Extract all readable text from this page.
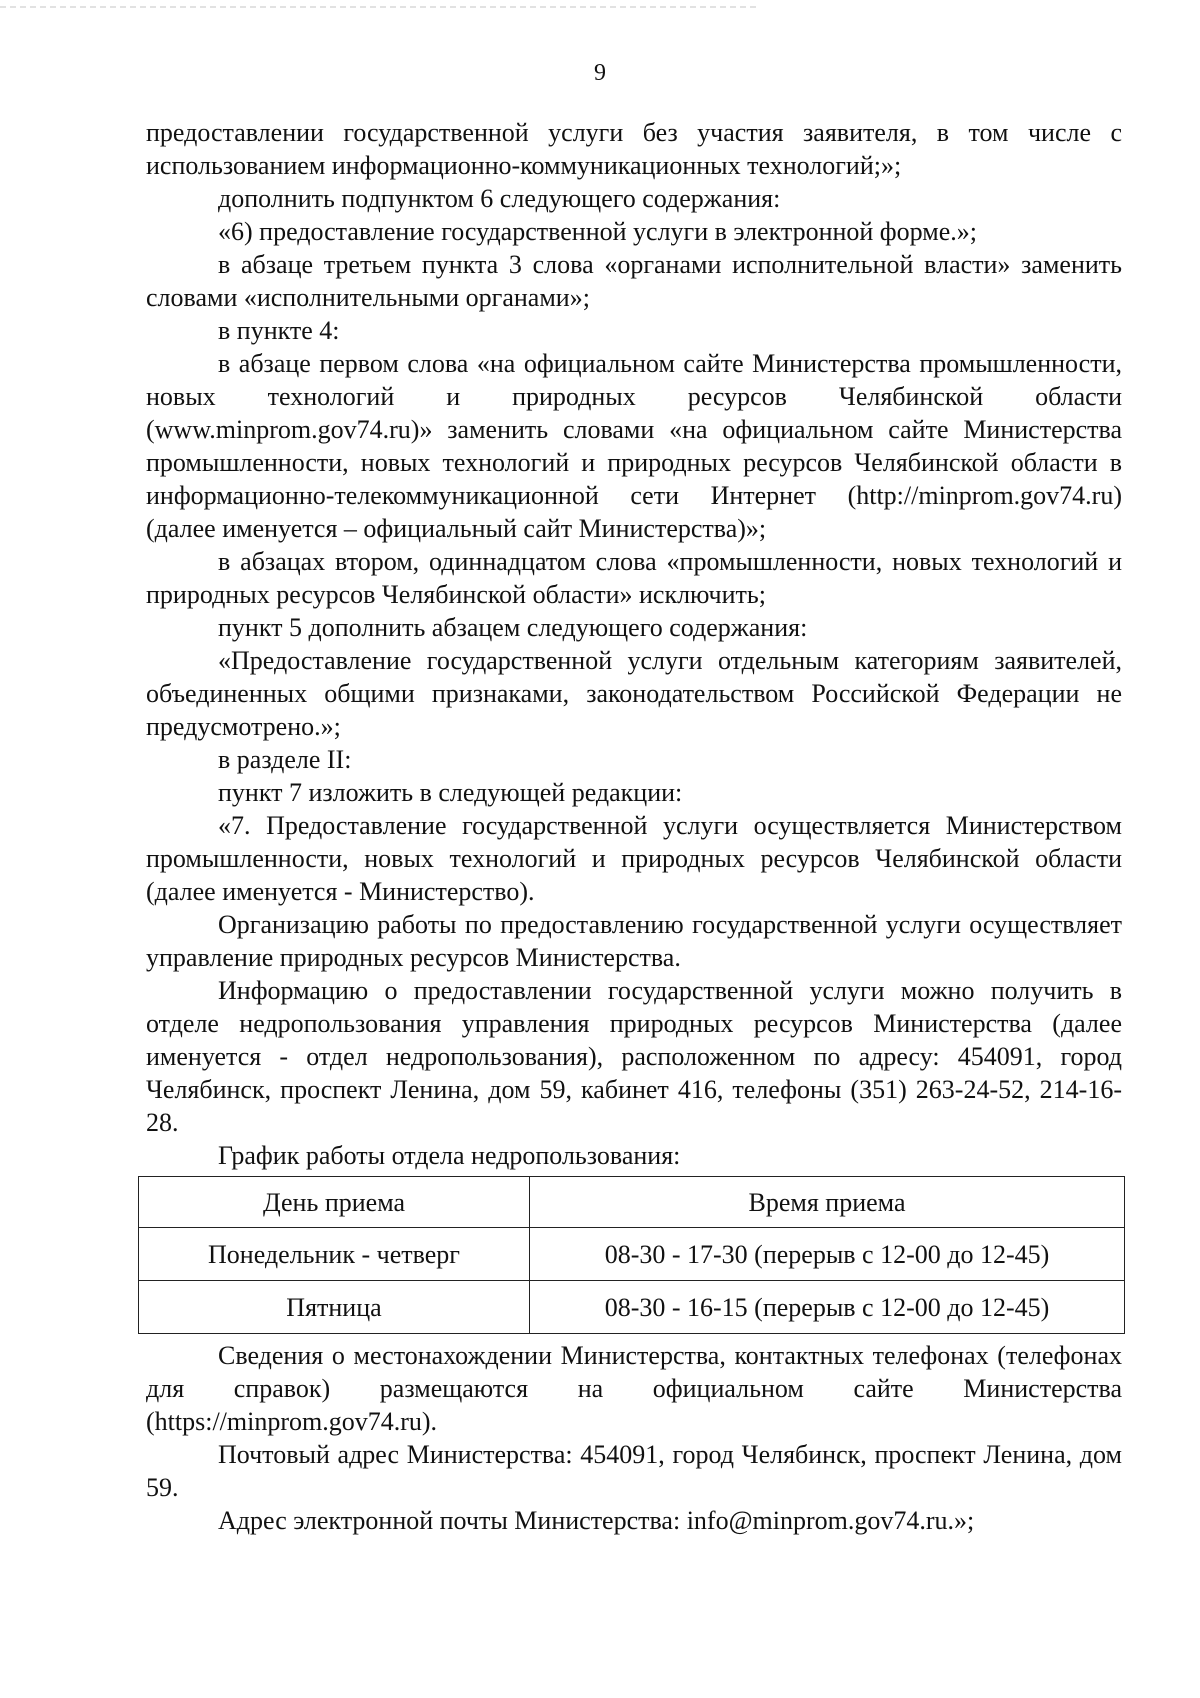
9

предоставлении государственной услуги без участия заявителя, в том числе с использованием информационно-коммуникационных технологий;»;

дополнить подпунктом 6 следующего содержания:

«6) предоставление государственной услуги в электронной форме.»;

в абзаце третьем пункта 3 слова «органами исполнительной власти» заменить словами «исполнительными органами»;

в пункте 4:

в абзаце первом слова «на официальном сайте Министерства промышленности, новых технологий и природных ресурсов Челябинской области (www.minprom.gov74.ru)» заменить словами «на официальном сайте Министерства промышленности, новых технологий и природных ресурсов Челябинской области в информационно-телекоммуникационной сети Интернет (http://minprom.gov74.ru) (далее именуется – официальный сайт Министерства)»;

в абзацах втором, одиннадцатом слова «промышленности, новых технологий и природных ресурсов Челябинской области» исключить;

пункт 5 дополнить абзацем следующего содержания:

«Предоставление государственной услуги отдельным категориям заявителей, объединенных общими признаками, законодательством Российской Федерации не предусмотрено.»;

в разделе II:

пункт 7 изложить в следующей редакции:

«7. Предоставление государственной услуги осуществляется Министерством промышленности, новых технологий и природных ресурсов Челябинской области (далее именуется - Министерство).

Организацию работы по предоставлению государственной услуги осуществляет управление природных ресурсов Министерства.

Информацию о предоставлении государственной услуги можно получить в отделе недропользования управления природных ресурсов Министерства (далее именуется - отдел недропользования), расположенном по адресу: 454091, город Челябинск, проспект Ленина, дом 59, кабинет 416, телефоны (351) 263-24-52, 214-16-28.

График работы отдела недропользования:
День приема	Время приема
Понедельник - четверг	08-30 - 17-30 (перерыв с 12-00 до 12-45)
Пятница	08-30 - 16-15 (перерыв с 12-00 до 12-45)

Сведения о местонахождении Министерства, контактных телефонах (телефонах для справок) размещаются на официальном сайте Министерства (https://minprom.gov74.ru).

Почтовый адрес Министерства: 454091, город Челябинск, проспект Ленина, дом 59.

Адрес электронной почты Министерства: info@minprom.gov74.ru.»;
